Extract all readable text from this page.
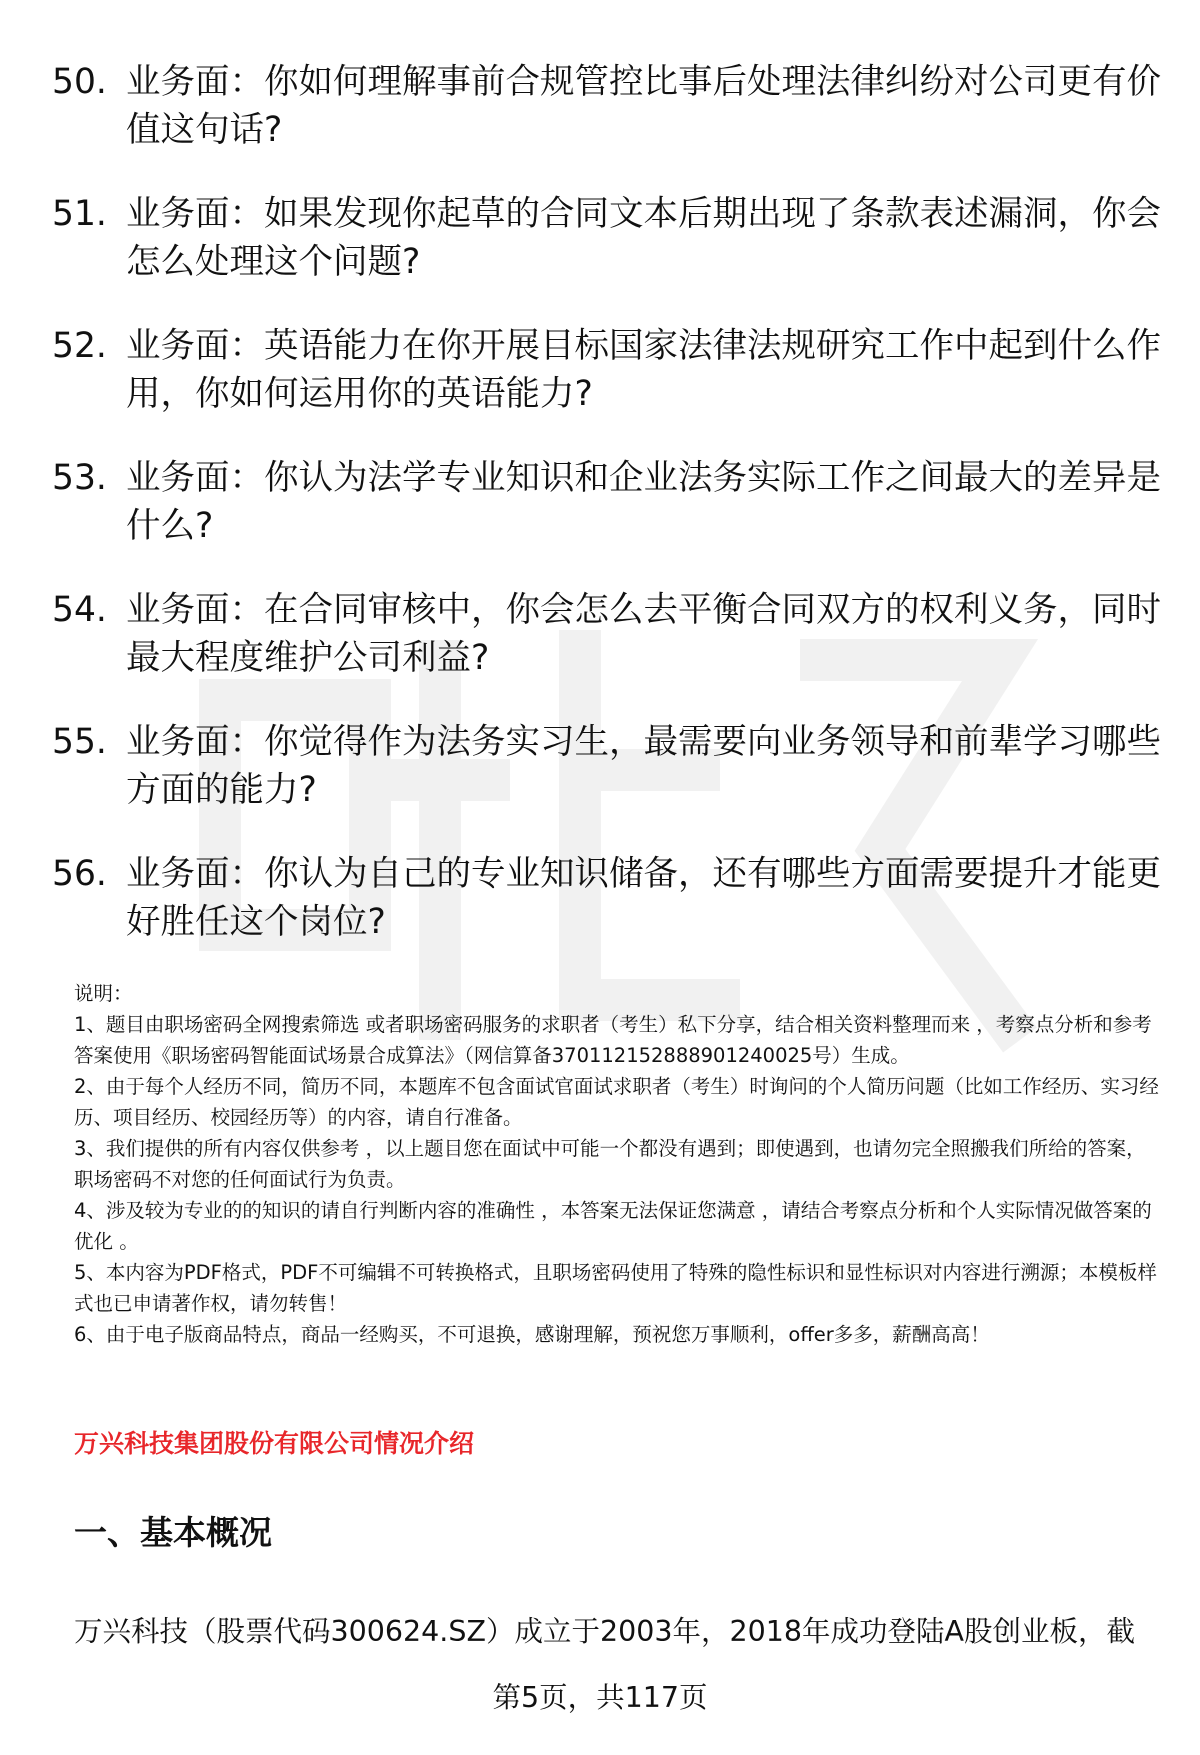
50. 业务面：你如何理解事前合规管控比事后处理法律纠纷对公司更有价值这句话?
51. 业务面：如果发现你起草的合同文本后期出现了条款表述漏洞，你会怎么处理这个问题?
52. 业务面：英语能力在你开展目标国家法律法规研究工作中起到什么作用，你如何运用你的英语能力?
53. 业务面：你认为法学专业知识和企业法务实际工作之间最大的差异是什么?
54. 业务面：在合同审核中，你会怎么去平衡合同双方的权利义务，同时最大程度维护公司利益?
55. 业务面：你觉得作为法务实习生，最需要向业务领导和前辈学习哪些方面的能力?
56. 业务面：你认为自己的专业知识储备，还有哪些方面需要提升才能更好胜任这个岗位?

说明：

1、题目由职场密码全网搜索筛选 或者职场密码服务的求职者（考生）私下分享，结合相关资料整理而来 ，考察点分析和参考答案使用《职场密码智能面试场景合成算法》（网信算备370112152888901240025号）生成。

2、由于每个人经历不同，简历不同，本题库不包含面试官面试求职者（考生）时询问的个人简历问题（比如工作经历、实习经历、项目经历、校园经历等）的内容，请自行准备。

3、我们提供的所有内容仅供参考 ，以上题目您在面试中可能一个都没有遇到；即使遇到，也请勿完全照搬我们所给的答案，职场密码不对您的任何面试行为负责。

4、涉及较为专业的的知识的请自行判断内容的准确性 ，本答案无法保证您满意 ，请结合考察点分析和个人实际情况做答案的优化 。

5、本内容为PDF格式，PDF不可编辑不可转换格式，且职场密码使用了特殊的隐性标识和显性标识对内容进行溯源；本模板样式也已申请著作权，请勿转售！

6、由于电子版商品特点，商品一经购买，不可退换，感谢理解，预祝您万事顺利，offer多多，薪酬高高！

万兴科技集团股份有限公司情况介绍
一、基本概况
万兴科技（股票代码300624.SZ）成立于2003年，2018年成功登陆A股创业板，截
第5页，共117页
